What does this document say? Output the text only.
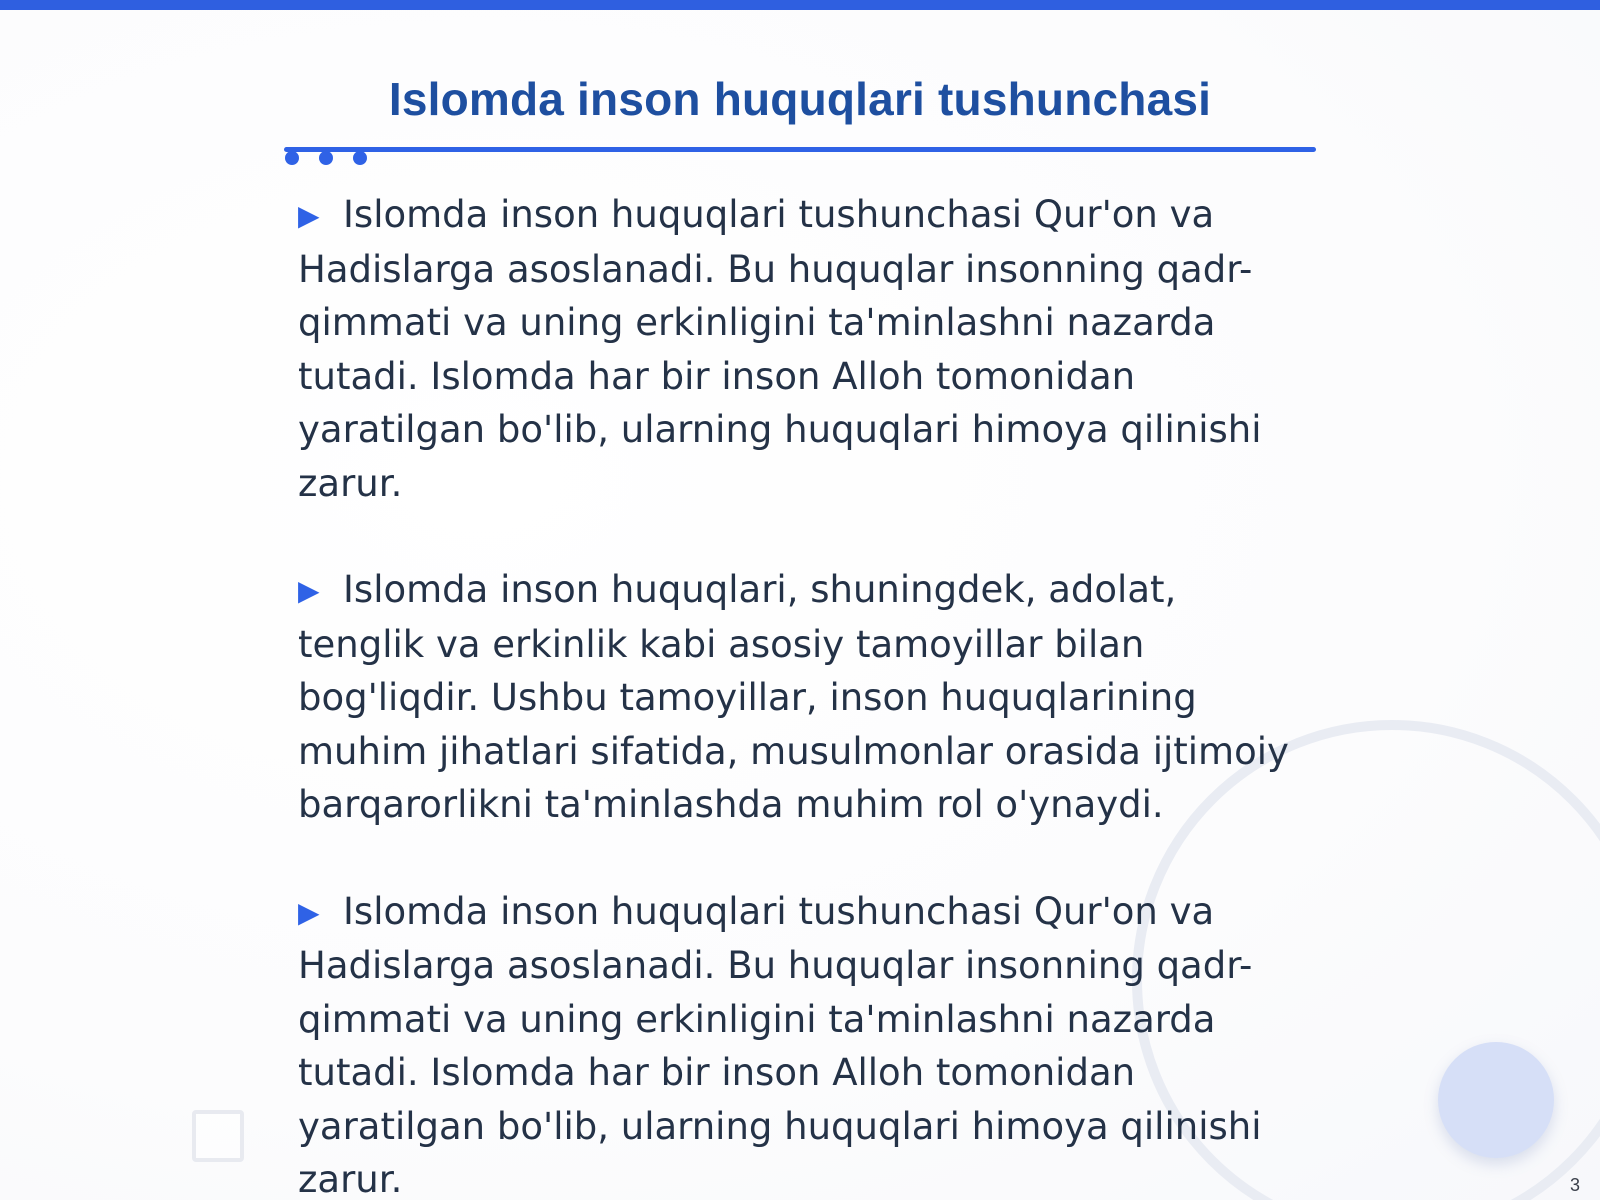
Islomda inson huquqlari tushunchasi

▶ Islomda inson huquqlari tushunchasi Qur'on va Hadislarga asoslanadi. Bu huquqlar insonning qadr-qimmati va uning erkinligini ta'minlashni nazarda tutadi. Islomda har bir inson Alloh tomonidan yaratilgan bo'lib, ularning huquqlari himoya qilinishi zarur.

▶ Islomda inson huquqlari, shuningdek, adolat, tenglik va erkinlik kabi asosiy tamoyillar bilan bog'liqdir. Ushbu tamoyillar, inson huquqlarining muhim jihatlari sifatida, musulmonlar orasida ijtimoiy barqarorlikni ta'minlashda muhim rol o'ynaydi.

▶ Islomda inson huquqlari tushunchasi Qur'on va Hadislarga asoslanadi. Bu huquqlar insonning qadr-qimmati va uning erkinligini ta'minlashni nazarda tutadi. Islomda har bir inson Alloh tomonidan yaratilgan bo'lib, ularning huquqlari himoya qilinishi zarur.	3
